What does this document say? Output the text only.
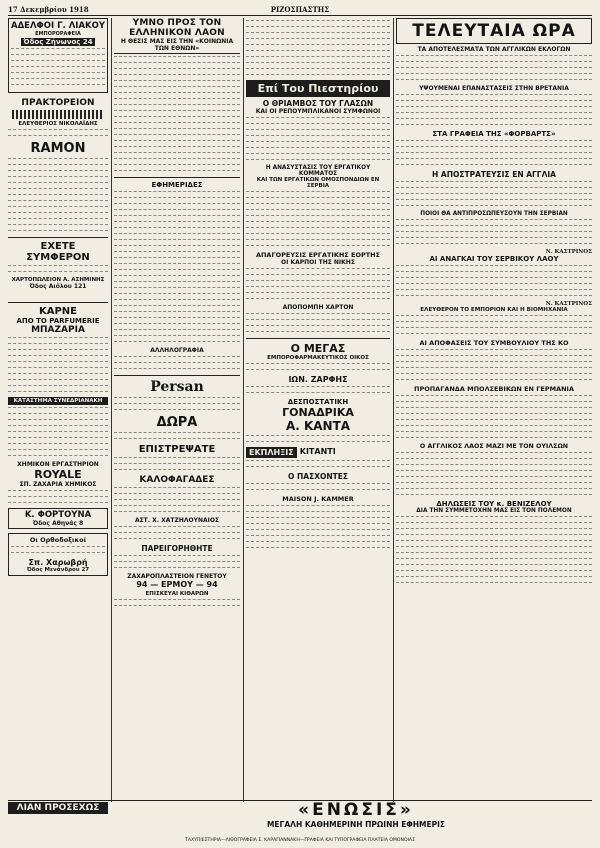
17 Δεκεμβρίου 1918	ΡΙΖΟΣΠΑΣΤΗΣ
ΑΔΕΛΦΟΙ Γ. ΛΙΑΚΟΥ
ΕΜΠΟΡΟΡΑΦΕΙΑ
Όδος Ζήνωνος 24
ΠΡΑΚΤΟΡΕΙΟΝ
ΕΛΕΥΘΕΡΙΟΣ ΝΙΚΟΛΑΪΔΗΣ
RAMON
ΕΧΕΤΕ ΣΥΜΦΕΡΟΝ
ΧΑΡΤΟΠΩΛΕΙΟΝ Α. ΑΣΗΜΙΝΗΣ
Όδος Αιόλου 121
ΚΑΡΝΕ
ΑΠΟ ΤΟ PARFUMERIE
ΜΠΑΖΑΡΙΑ
ΚΑΤΑΣΤΗΜΑ ΣΥΝΕΔΡΙΑΝΑΚΗ
ΧΗΜΙΚΟΝ ΕΡΓΑΣΤΗΡΙΟΝ
ROYALE
ΣΠ. ΖΑΧΑΡΙΑ ΧΗΜΙΚΟΣ
Κ. ΦΟΡΤΟΥΝΑ
Όδος Αθηνάς 8
Οι Ορθοδοξικοί
Σπ. Χαρωβρή
Όδος Μενάνδρου 27
ΥΜΝΟ ΠΡΟΣ ΤΟΝ ΕΛΛΗΝΙΚΟΝ ΛΑΟΝ
Η ΘΕΣΙΣ ΜΑΣ ΕΙΣ ΤΗΝ «ΚΟΙΝΩΝΙΑ ΤΩΝ ΕΘΝΩΝ»
ΕΦΗΜΕΡΙΔΕΣ
ΑΛΛΗΛΟΓΡΑΦΙΑ
Persan
ΔΩΡΑ
ΕΠΙΣΤΡΕΨΑΤΕ
ΚΑΛΟΦΑΓΑΔΕΣ
ΑΣΤ. Χ. ΧΑΤΖΗΛΟΥΝΑΙΟΣ
ΠΑΡΕΙΓΟΡΗΘΗΤΕ
ΖΑΧΑΡΟΠΛΑΣΤΕΙΟΝ ΓΕΝΕΤΟΥ
94 — ΕΡΜΟΥ — 94
ΕΠΙΣΚΕΥΑΙ ΚΙΘΑΡΩΝ
Επί Του Πιεστηρίου
Ο ΘΡΙΑΜΒΟΣ ΤΟΥ ΓΛΑΣΩΝ
ΚΑΙ ΟΙ ΡΕΠΟΥΜΠΛΙΚΑΝΟΙ ΣΥΜΦΩΝΟΙ
Η ΑΝΑΣΥΣΤΑΣΙΣ ΤΟΥ ΕΡΓΑΤΙΚΟΥ ΚΟΜΜΑΤΟΣ
ΚΑΙ ΤΩΝ ΕΡΓΑΤΙΚΩΝ ΟΜΟΣΠΟΝΔΙΩΝ ΕΝ ΣΕΡΒΙΑ
ΑΠΑΓΟΡΕΥΣΙΣ ΕΡΓΑΤΙΚΗΣ ΕΟΡΤΗΣ
ΟΙ ΚΑΡΠΟΙ ΤΗΣ ΝΙΚΗΣ
ΑΠΟΠΟΜΠΗ ΧΑΡΤΟΝ
Ο ΜΕΓΑΣ
ΕΜΠΟΡΟΦΑΡΜΑΚΕΥΤΙΚΟΣ ΟΙΚΟΣ
ΙΩΝ. ΖΑΡΦΗΣ
ΔΕΣΠΟΣΤΑΤΙΚΗ
ΓΟΝΑΔΡΙΚΑ
Α. ΚΑΝΤΑ
ΕΚΠΛΗΞΙΣ ΚΙΤΑΝΤΙ
Ο ΠΑΣΧΟΝΤΕΣ
MAISON J. KAMMER
ΤΕΛΕΥΤΑΙΑ ΩΡΑ
ΤΑ ΑΠΟΤΕΛΕΣΜΑΤΑ ΤΩΝ ΑΓΓΛΙΚΩΝ ΕΚΛΟΓΩΝ
ΥΨΟΥΜΕΝΑΙ ΕΠΑΝΑΣΤΑΣΕΙΣ ΣΤΗΝ ΒΡΕΤΑΝΙΑ
ΣΤΑ ΓΡΑΦΕΙΑ ΤΗΣ «ΦΟΡΒΑΡΤΣ»
Η ΑΠΟΣΤΡΑΤΕΥΣΙΣ ΕΝ ΑΓΓΛΙΑ
ΠΟΙΟΙ ΘΑ ΑΝΤΙΠΡΟΣΩΠΕΥΣΟΥΝ ΤΗΝ ΣΕΡΒΙΑΝ
Ν. ΚΑΣΤΡΙΝΟΣ
ΑΙ ΑΝΑΓΚΑΙ ΤΟΥ ΣΕΡΒΙΚΟΥ ΛΑΟΥ
Ν. ΚΑΣΤΡΙΝΟΣ
ΕΛΕΥΘΕΡΟΝ ΤΟ ΕΜΠΟΡΙΟΝ ΚΑΙ Η ΒΙΟΜΗΧΑΝΙΑ
ΑΙ ΑΠΟΦΑΣΕΙΣ ΤΟΥ ΣΥΜΒΟΥΛΙΟΥ ΤΗΣ ΚΟ
ΠΡΟΠΑΓΑΝΔΑ ΜΠΟΛΣΕΒΙΚΩΝ ΕΝ ΓΕΡΜΑΝΙΑ
Ο ΑΓΓΛΙΚΟΣ ΛΑΟΣ ΜΑΖΙ ΜΕ ΤΟΝ ΟΥΙΛΣΩΝ
ΔΗΛΩΣΕΙΣ ΤΟΥ κ. ΒΕΝΙΖΕΛΟΥ
ΔΙΑ ΤΗΝ ΣΥΜΜΕΤΟΧΗΝ ΜΑΣ ΕΙΣ ΤΟΝ ΠΟΛΕΜΟΝ
ΛΙΑΝ ΠΡΟΣΕΧΩΣ	«ΕΝΩΣΙΣ»
ΜΕΓΑΛΗ ΚΑΘΗΜΕΡΙΝΗ ΠΡΩΙΝΗ ΕΦΗΜΕΡΙΣ
ΤΑΧΥΠΙΕΣΤΗΡΙΑ—ΛΙΘΟΓΡΑΦΕΙΑ Σ. ΚΑΡΑΓΙΑΝΝΑΚΗ—ΓΡΑΦΕΙΑ ΚΑΙ ΤΥΠΟΓΡΑΦΕΙΑ ΠΛΑΤΕΙΑ ΟΜΟΝΟΙΑΣ
